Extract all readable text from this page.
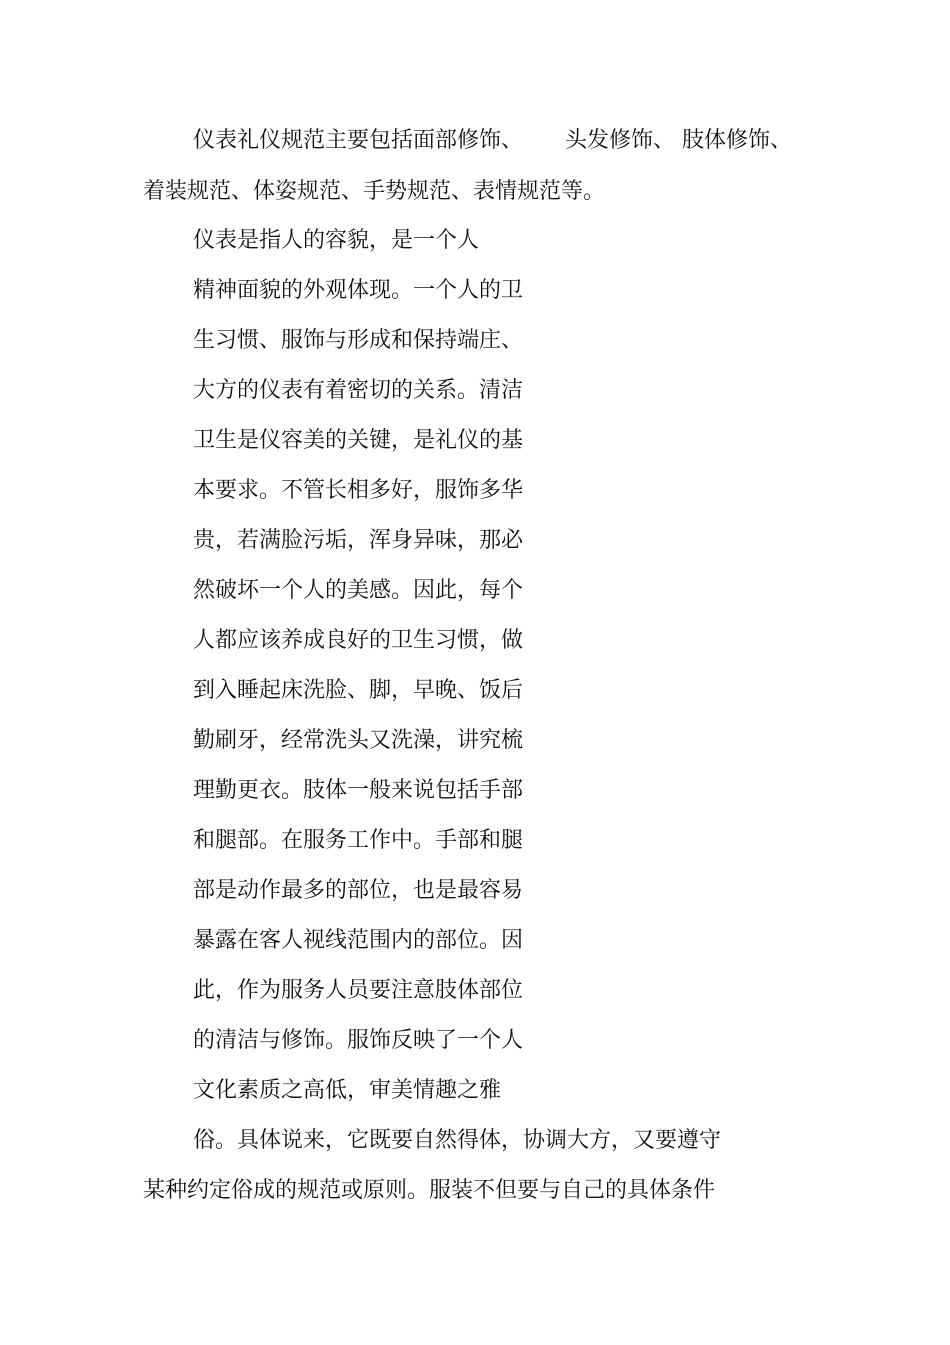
仪表礼仪规范主要包括面部修饰、      头发修饰、 肢体修饰、
着装规范、体姿规范、手势规范、表情规范等。
仪表是指人的容貌，是一个人
精神面貌的外观体现。一个人的卫
生习惯、服饰与形成和保持端庄、
大方的仪表有着密切的关系。清洁
卫生是仪容美的关键，是礼仪的基
本要求。不管长相多好，服饰多华
贵，若满脸污垢，浑身异味，那必
然破坏一个人的美感。因此，每个
人都应该养成良好的卫生习惯，做
到入睡起床洗脸、脚，早晚、饭后
勤刷牙，经常洗头又洗澡，讲究梳
理勤更衣。肢体一般来说包括手部
和腿部。在服务工作中。手部和腿
部是动作最多的部位，也是最容易
暴露在客人视线范围内的部位。因
此，作为服务人员要注意肢体部位
的清洁与修饰。服饰反映了一个人
文化素质之高低，审美情趣之雅
俗。具体说来，它既要自然得体，协调大方，又要遵守
某种约定俗成的规范或原则。服装不但要与自己的具体条件
